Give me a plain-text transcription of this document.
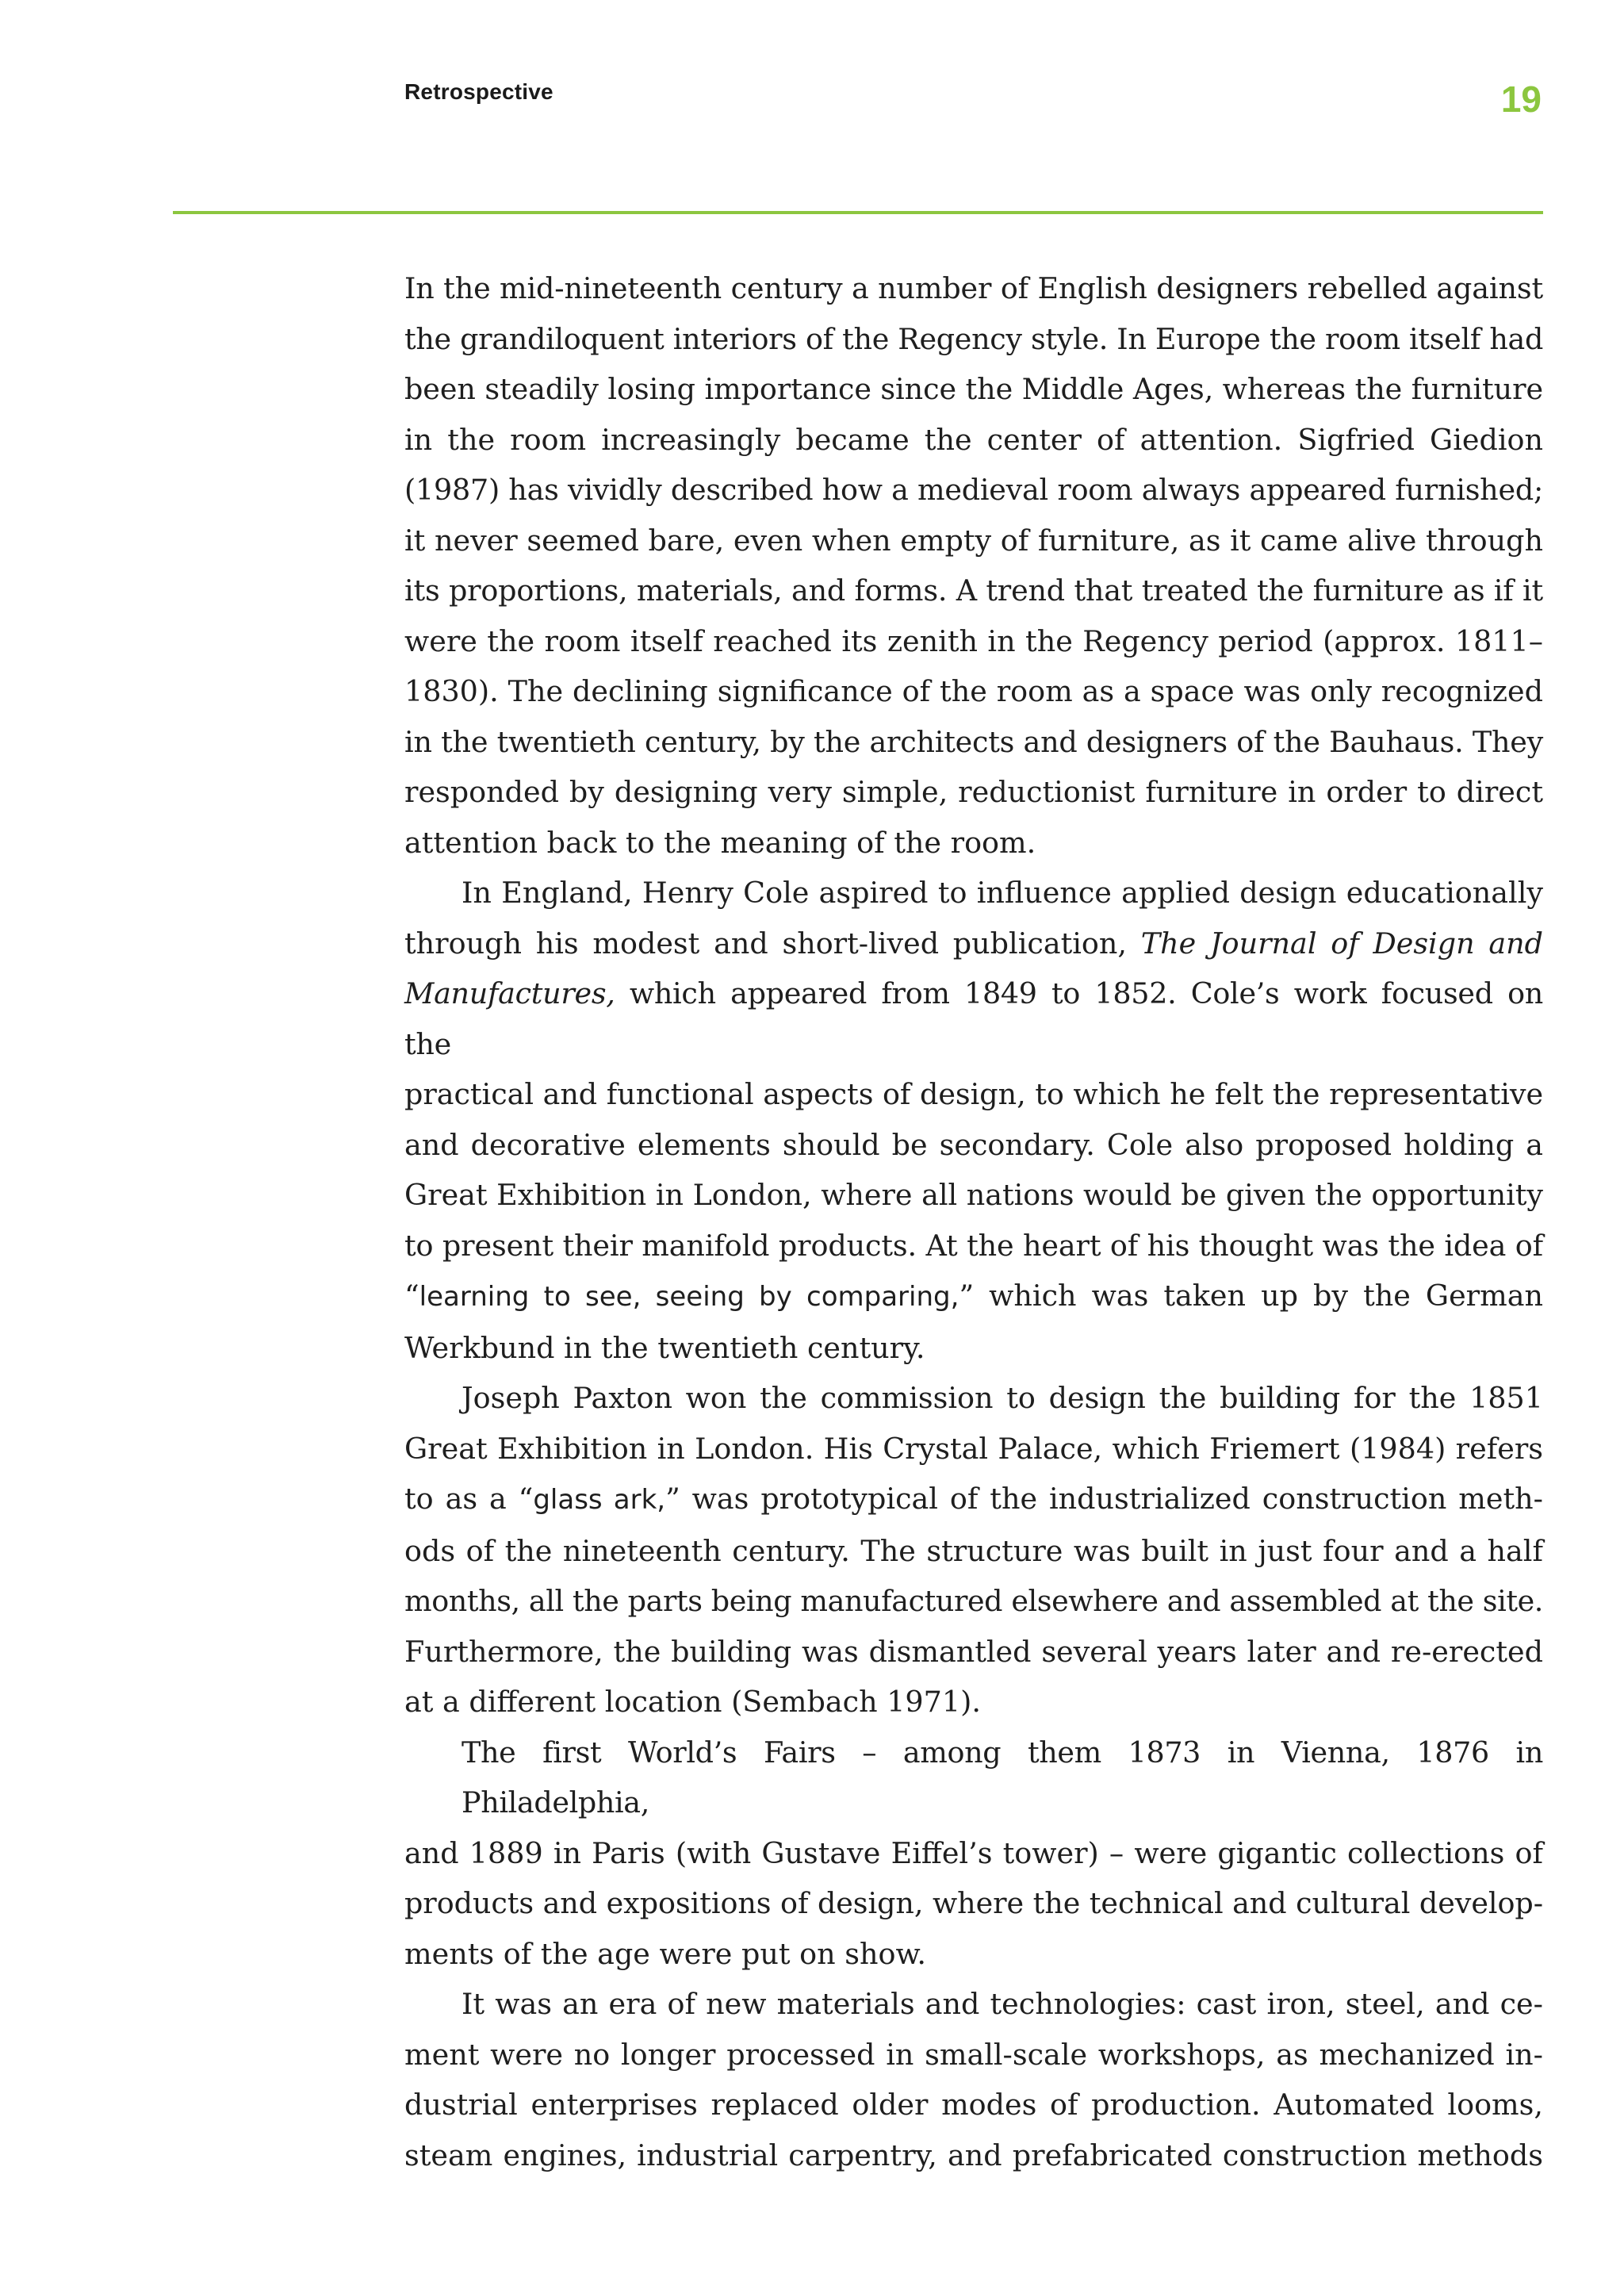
Retrospective	19
In the mid-nineteenth century a number of English designers rebelled against
the grandiloquent interiors of the Regency style. In Europe the room itself had
been steadily losing importance since the Middle Ages, whereas the furniture
in the room increasingly became the center of attention. Sigfried Giedion
(1987) has vividly described how a medieval room always appeared furnished;
it never seemed bare, even when empty of furniture, as it came alive through
its proportions, materials, and forms. A trend that treated the furniture as if it
were the room itself reached its zenith in the Regency period (approx. 1811–
1830). The declining significance of the room as a space was only recognized
in the twentieth century, by the architects and designers of the Bauhaus. They
responded by designing very simple, reductionist furniture in order to direct
attention back to the meaning of the room.
In England, Henry Cole aspired to influence applied design educationally
through his modest and short-lived publication, The Journal of Design and
Manufactures, which appeared from 1849 to 1852. Cole’s work focused on the
practical and functional aspects of design, to which he felt the representative
and decorative elements should be secondary. Cole also proposed holding a
Great Exhibition in London, where all nations would be given the opportunity
to present their manifold products. At the heart of his thought was the idea of
“learning to see, seeing by comparing,” which was taken up by the German
Werkbund in the twentieth century.
Joseph Paxton won the commission to design the building for the 1851
Great Exhibition in London. His Crystal Palace, which Friemert (1984) refers
to as a “glass ark,” was prototypical of the industrialized construction meth-
ods of the nineteenth century. The structure was built in just four and a half
months, all the parts being manufactured elsewhere and assembled at the site.
Furthermore, the building was dismantled several years later and re-erected
at a different location (Sembach 1971).
The first World’s Fairs – among them 1873 in Vienna, 1876 in Philadelphia,
and 1889 in Paris (with Gustave Eiffel’s tower) – were gigantic collections of
products and expositions of design, where the technical and cultural develop-
ments of the age were put on show.
It was an era of new materials and technologies: cast iron, steel, and ce-
ment were no longer processed in small-scale workshops, as mechanized in-
dustrial enterprises replaced older modes of production. Automated looms,
steam engines, industrial carpentry, and prefabricated construction methods
